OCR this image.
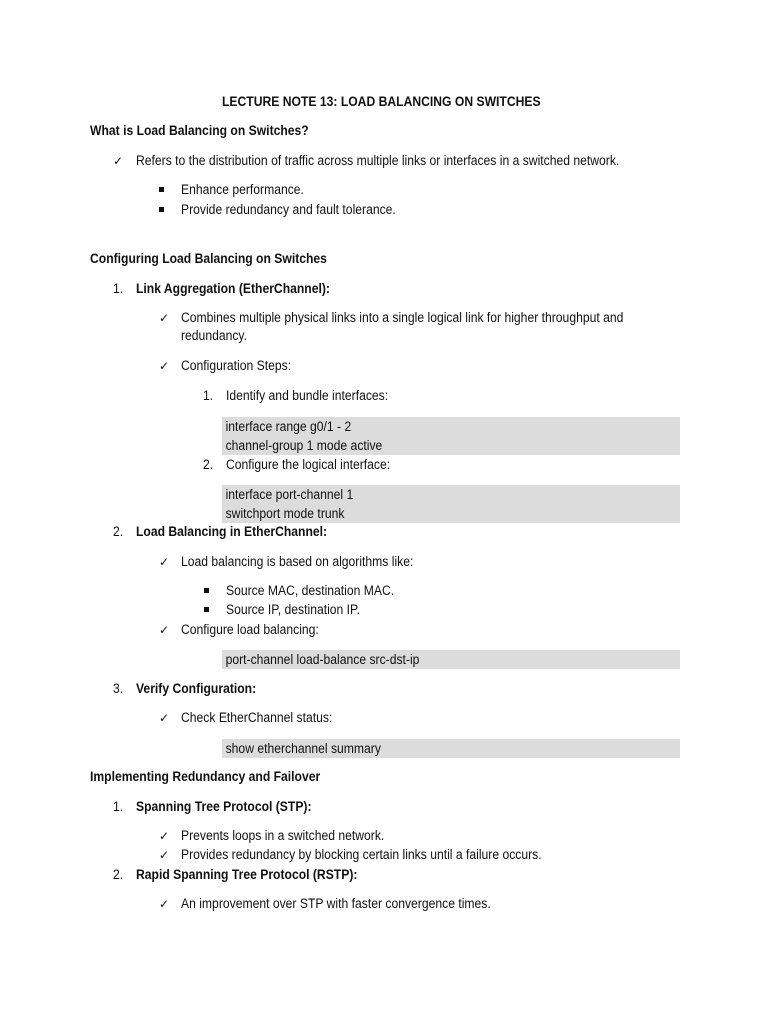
LECTURE NOTE 13: LOAD BALANCING ON SWITCHES
What is Load Balancing on Switches?
✓ Refers to the distribution of traffic across multiple links or interfaces in a switched network.
Enhance performance.
Provide redundancy and fault tolerance.
Configuring Load Balancing on Switches
1. Link Aggregation (EtherChannel):
✓ Combines multiple physical links into a single logical link for higher throughput and redundancy.
✓ Configuration Steps:
1. Identify and bundle interfaces:
interface range g0/1 - 2
channel-group 1 mode active
2. Configure the logical interface:
interface port-channel 1
switchport mode trunk
2. Load Balancing in EtherChannel:
✓ Load balancing is based on algorithms like:
Source MAC, destination MAC.
Source IP, destination IP.
✓ Configure load balancing:
port-channel load-balance src-dst-ip
3. Verify Configuration:
✓ Check EtherChannel status:
show etherchannel summary
Implementing Redundancy and Failover
1. Spanning Tree Protocol (STP):
✓ Prevents loops in a switched network.
✓ Provides redundancy by blocking certain links until a failure occurs.
2. Rapid Spanning Tree Protocol (RSTP):
✓ An improvement over STP with faster convergence times.
